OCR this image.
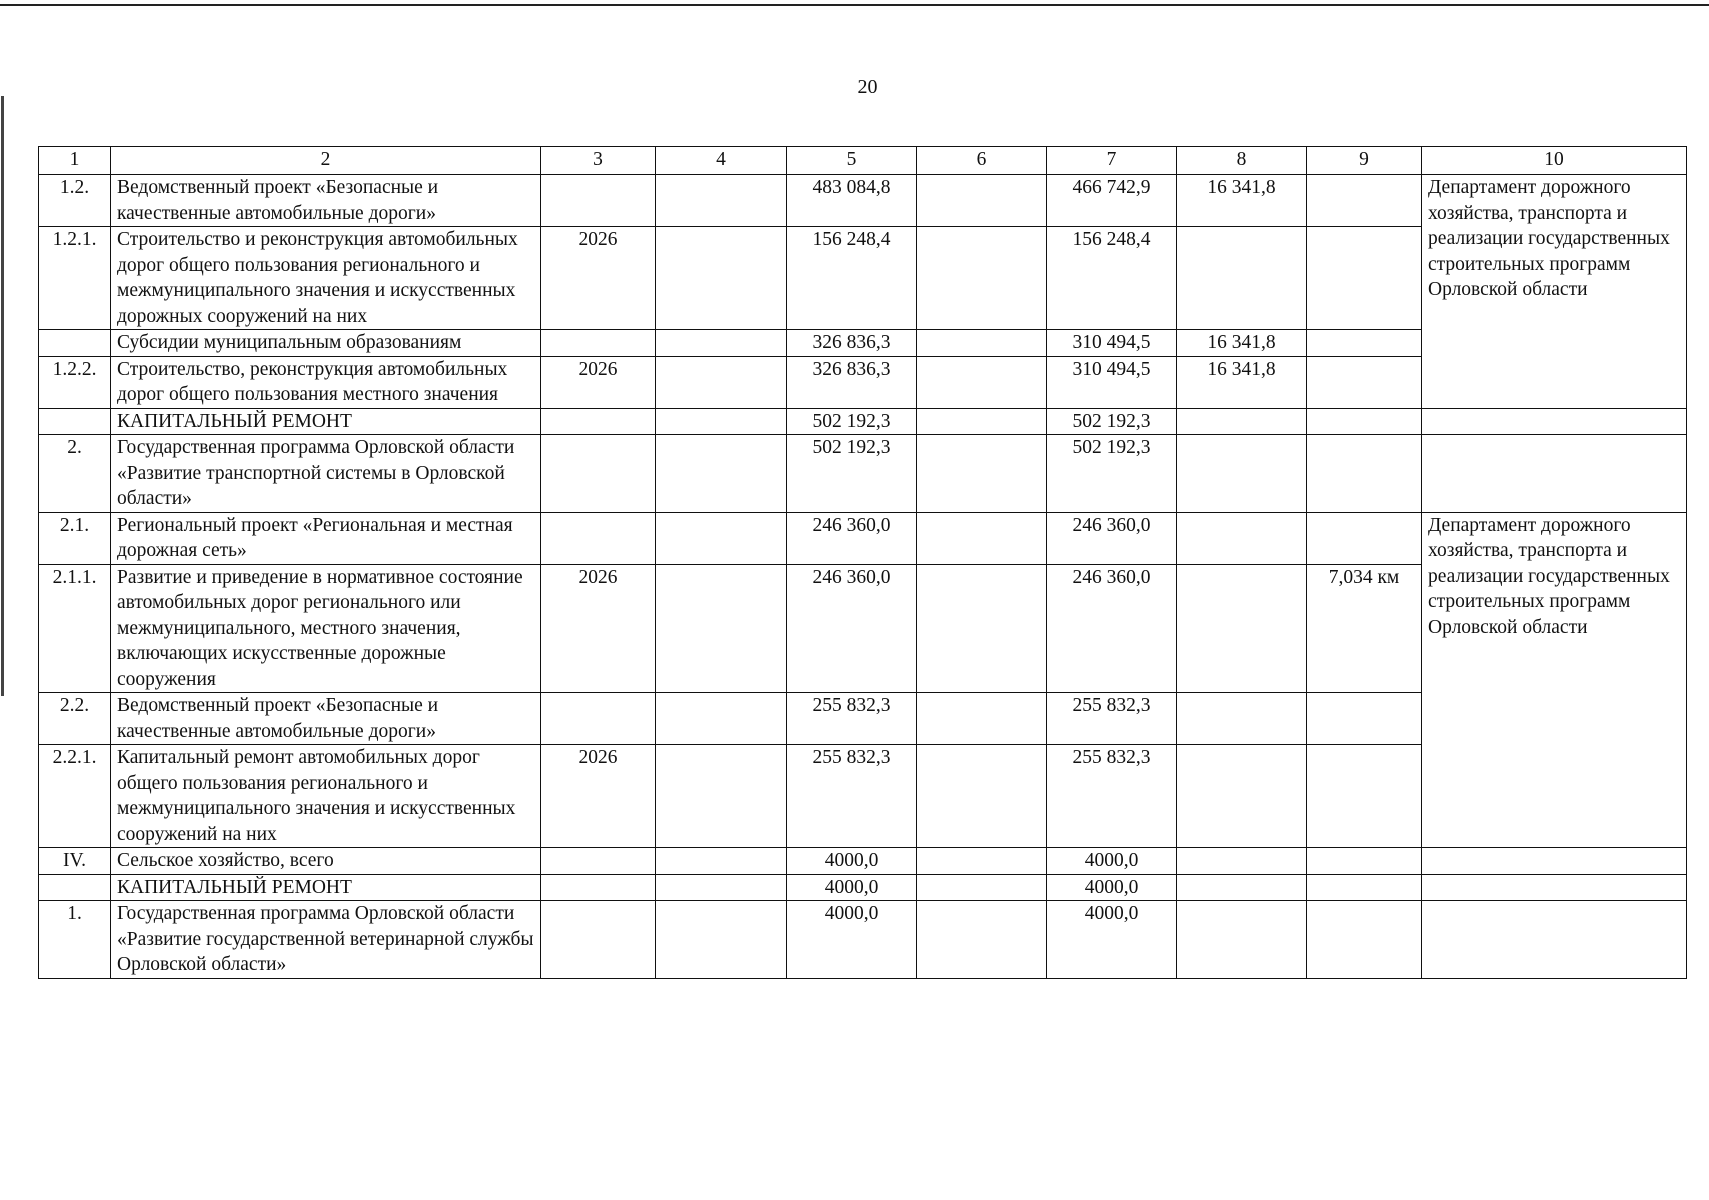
20
1	2	3	4	5	6	7	8	9	10
1.2.	Ведомственный проект «Безопасные и качественные автомобильные дороги»			483 084,8		466 742,9	16 341,8		Департамент дорожного хозяйства, транспорта и реализации государственных строительных программ Орловской области
1.2.1.	Строительство и реконструкция автомобильных дорог общего пользования регионального и межмуниципального значения и искусственных дорожных сооружений на них	2026		156 248,4		156 248,4			
	Субсидии муниципальным образованиям			326 836,3		310 494,5	16 341,8		
1.2.2.	Строительство, реконструкция автомобильных дорог общего пользования местного значения	2026		326 836,3		310 494,5	16 341,8		
	КАПИТАЛЬНЫЙ РЕМОНТ			502 192,3		502 192,3			
2.	Государственная программа Орловской области «Развитие транспортной системы в Орловской области»			502 192,3		502 192,3			
2.1.	Региональный проект «Региональная и местная дорожная сеть»			246 360,0		246 360,0			Департамент дорожного хозяйства, транспорта и реализации государственных строительных программ Орловской области
2.1.1.	Развитие и приведение в нормативное состояние автомобильных дорог регионального или межмуниципального, местного значения, включающих искусственные дорожные сооружения	2026		246 360,0		246 360,0		7,034 км	
2.2.	Ведомственный проект «Безопасные и качественные автомобильные дороги»			255 832,3		255 832,3			
2.2.1.	Капитальный ремонт автомобильных дорог общего пользования регионального и межмуниципального значения и искусственных сооружений на них	2026		255 832,3		255 832,3			
IV.	Сельское хозяйство, всего			4000,0		4000,0			
	КАПИТАЛЬНЫЙ РЕМОНТ			4000,0		4000,0			
1.	Государственная программа Орловской области «Развитие государственной ветеринарной службы Орловской области»			4000,0		4000,0			
